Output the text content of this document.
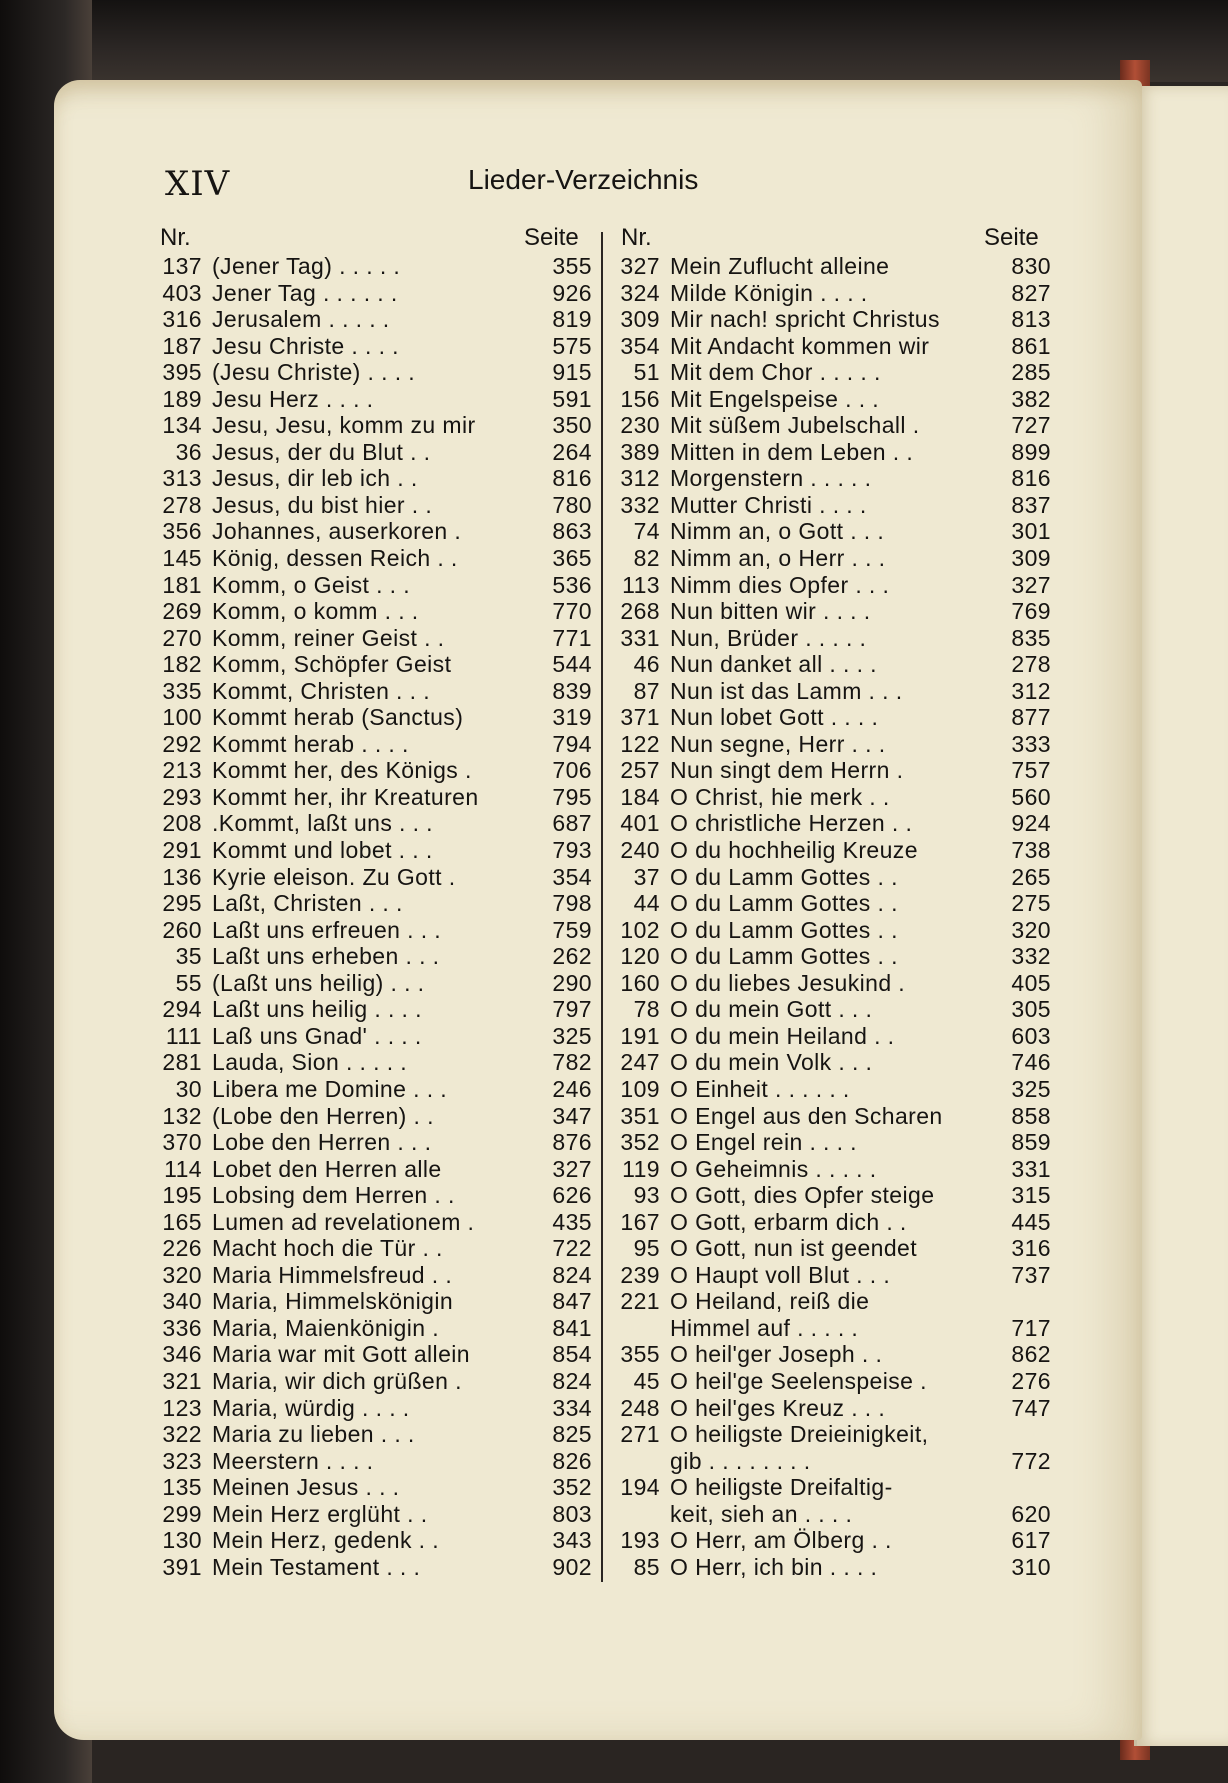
XIV	Lieder-Verzeichnis
Nr.	Seite Nr.	Seite
137 (Jener Tag) . . . . .	355
403 Jener Tag . . . . . .	926
316 Jerusalem . . . . .	819
187 Jesu Christe . . . .	575
395 (Jesu Christe) . . . .	915
189 Jesu Herz . . . .	591
134 Jesu, Jesu, komm zu mir	350
36 Jesus, der du Blut . .	264
313 Jesus, dir leb ich . .	816
278 Jesus, du bist hier . .	780
356 Johannes, auserkoren .	863
145 König, dessen Reich . .	365
181 Komm, o Geist . . .	536
269 Komm, o komm . . .	770
270 Komm, reiner Geist . .	771
182 Komm, Schöpfer Geist	544
335 Kommt, Christen . . .	839
100 Kommt herab (Sanctus)	319
292 Kommt herab . . . .	794
213 Kommt her, des Königs .	706
293 Kommt her, ihr Kreaturen	795
208 .Kommt, laßt uns . . .	687
291 Kommt und lobet . . .	793
136 Kyrie eleison. Zu Gott .	354
295 Laßt, Christen . . .	798
260 Laßt uns erfreuen . . .	759
35 Laßt uns erheben . . .	262
55 (Laßt uns heilig) . . .	290
294 Laßt uns heilig . . . .	797
111 Laß uns Gnad' . . . .	325
281 Lauda, Sion . . . . .	782
30 Libera me Domine . . .	246
132 (Lobe den Herren) . .	347
370 Lobe den Herren . . .	876
114 Lobet den Herren alle	327
195 Lobsing dem Herren . .	626
165 Lumen ad revelationem .	435
226 Macht hoch die Tür . .	722
320 Maria Himmelsfreud . .	824
340 Maria, Himmelskönigin	847
336 Maria, Maienkönigin .	841
346 Maria war mit Gott allein	854
321 Maria, wir dich grüßen .	824
123 Maria, würdig . . . .	334
322 Maria zu lieben . . .	825
323 Meerstern . . . .	826
135 Meinen Jesus . . .	352
299 Mein Herz erglüht . .	803
130 Mein Herz, gedenk . .	343
391 Mein Testament . . .	902
327 Mein Zuflucht alleine	830
324 Milde Königin . . . .	827
309 Mir nach! spricht Christus	813
354 Mit Andacht kommen wir	861
51 Mit dem Chor . . . . .	285
156 Mit Engelspeise . . .	382
230 Mit süßem Jubelschall .	727
389 Mitten in dem Leben . .	899
312 Morgenstern . . . . .	816
332 Mutter Christi . . . .	837
74 Nimm an, o Gott . . .	301
82 Nimm an, o Herr . . .	309
113 Nimm dies Opfer . . .	327
268 Nun bitten wir . . . .	769
331 Nun, Brüder . . . . .	835
46 Nun danket all . . . .	278
87 Nun ist das Lamm . . .	312
371 Nun lobet Gott . . . .	877
122 Nun segne, Herr . . .	333
257 Nun singt dem Herrn .	757
184 O Christ, hie merk . .	560
401 O christliche Herzen . .	924
240 O du hochheilig Kreuze	738
37 O du Lamm Gottes . .	265
44 O du Lamm Gottes . .	275
102 O du Lamm Gottes . .	320
120 O du Lamm Gottes . .	332
160 O du liebes Jesukind .	405
78 O du mein Gott . . .	305
191 O du mein Heiland . .	603
247 O du mein Volk . . .	746
109 O Einheit . . . . . .	325
351 O Engel aus den Scharen	858
352 O Engel rein . . . .	859
119 O Geheimnis . . . . .	331
93 O Gott, dies Opfer steige	315
167 O Gott, erbarm dich . .	445
95 O Gott, nun ist geendet	316
239 O Haupt voll Blut . . .	737
221 O Heiland, reiß die
Himmel auf . . . . .	717
355 O heil'ger Joseph . .	862
45 O heil'ge Seelenspeise .	276
248 O heil'ges Kreuz . . .	747
271 O heiligste Dreieinigkeit,
gib . . . . . . . .	772
194 O heiligste Dreifaltig-
keit, sieh an . . . .	620
193 O Herr, am Ölberg . .	617
85 O Herr, ich bin . . . .	310
